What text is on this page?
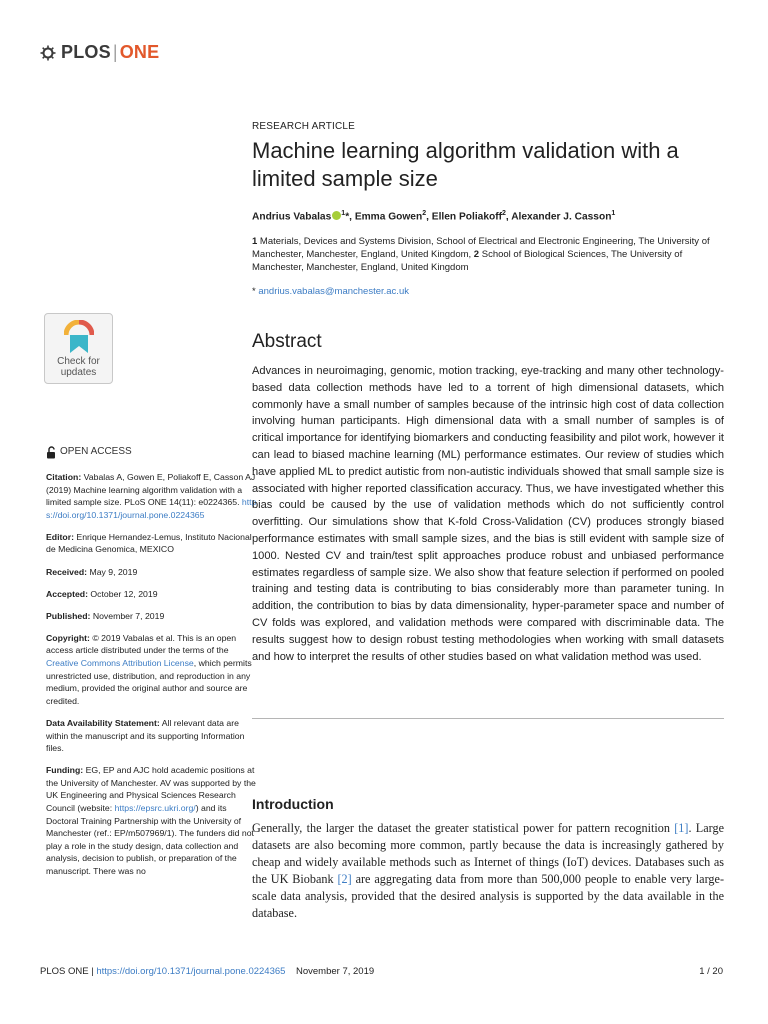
PLOS | ONE
Check for
updates
OPEN ACCESS
Citation: Vabalas A, Gowen E, Poliakoff E, Casson AJ (2019) Machine learning algorithm validation with a limited sample size. PLoS ONE 14(11): e0224365. https://doi.org/10.1371/journal.pone.0224365
Editor: Enrique Hernandez-Lemus, Instituto Nacional de Medicina Genomica, MEXICO
Received: May 9, 2019
Accepted: October 12, 2019
Published: November 7, 2019
Copyright: © 2019 Vabalas et al. This is an open access article distributed under the terms of the Creative Commons Attribution License, which permits unrestricted use, distribution, and reproduction in any medium, provided the original author and source are credited.
Data Availability Statement: All relevant data are within the manuscript and its supporting Information files.
Funding: EG, EP and AJC hold academic positions at the University of Manchester. AV was supported by the UK Engineering and Physical Sciences Research Council (website: https://epsrc.ukri.org/) and its Doctoral Training Partnership with the University of Manchester (ref.: EP/m507969/1). The funders did not play a role in the study design, data collection and analysis, decision to publish, or preparation of the manuscript. There was no
RESEARCH ARTICLE
Machine learning algorithm validation with a limited sample size
Andrius Vabalas $^1$*, Emma Gowen$^2$, Ellen Poliakoff$^2$, Alexander J. Casson$^1$
1 Materials, Devices and Systems Division, School of Electrical and Electronic Engineering, The University of Manchester, Manchester, England, United Kingdom, 2 School of Biological Sciences, The University of Manchester, Manchester, England, United Kingdom
* andrius.vabalas@manchester.ac.uk
Abstract

Advances in neuroimaging, genomic, motion tracking, eye-tracking and many other technology-based data collection methods have led to a torrent of high dimensional datasets, which commonly have a small number of samples because of the intrinsic high cost of data collection involving human participants. High dimensional data with a small number of samples is of critical importance for identifying biomarkers and conducting feasibility and pilot work, however it can lead to biased machine learning (ML) performance estimates. Our review of studies which have applied ML to predict autistic from non-autistic individuals showed that small sample size is associated with higher reported classification accuracy. Thus, we have investigated whether this bias could be caused by the use of validation methods which do not sufficiently control overfitting. Our simulations show that K-fold Cross-Validation (CV) produces strongly biased performance estimates with small sample sizes, and the bias is still evident with sample size of 1000. Nested CV and train/test split approaches produce robust and unbiased performance estimates regardless of sample size. We also show that feature selection if performed on pooled training and testing data is contributing to bias considerably more than parameter tuning. In addition, the contribution to bias by data dimensionality, hyper-parameter space and number of CV folds was explored, and validation methods were compared with discriminable data. The results suggest how to design robust testing methodologies when working with small datasets and how to interpret the results of other studies based on what validation method was used.

Introduction

Generally, the larger the dataset the greater statistical power for pattern recognition [1]. Large datasets are also becoming more common, partly because the data is increasingly gathered by cheap and widely available methods such as Internet of things (IoT) devices. Databases such as the UK Biobank [2] are aggregating data from more than 500,000 people to enable very large-scale data analysis, provided that the desired analysis is supported by the data available in the database.

PLOS ONE | https://doi.org/10.1371/journal.pone.0224365 November 7, 2019	1 / 20
